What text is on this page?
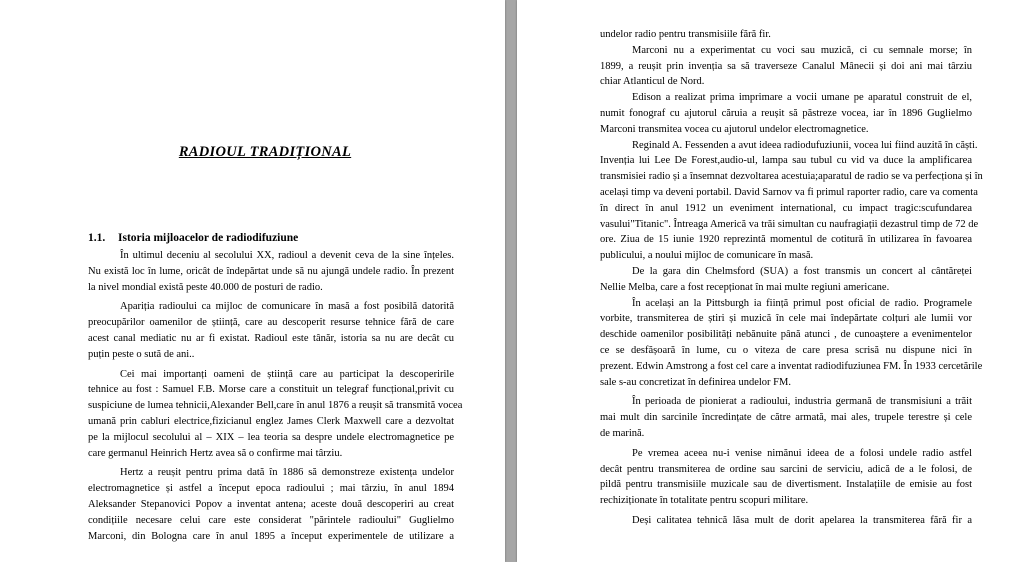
RADIOUL TRADIȚIONAL
1.1. Istoria mijloacelor de radiodifuziune
În ultimul deceniu al secolului XX, radioul a devenit ceva de la sine înțeles.
Nu există loc în lume, oricât de îndepărtat unde să nu ajungă undele radio. În prezent
la nivel mondial există peste 40.000 de posturi de radio.
Apariția radioului ca mijloc de comunicare în masă a fost posibilă datorită
preocupărilor oamenilor de știință, care au descoperit resurse tehnice fără de care
acest canal mediatic nu ar fi existat. Radioul este tânăr, istoria sa nu are decât cu
puțin peste o sută de ani..
Cei mai importanți oameni de știință care au participat la descoperirile
tehnice au fost : Samuel F.B. Morse care a constituit un telegraf funcțional,privit cu
suspiciune de lumea tehnicii,Alexander Bell,care în anul 1876 a reușit să transmită vocea
umană prin cabluri electrice,fizicianul englez James Clerk Maxwell care a dezvoltat
pe la mijlocul secolului al – XIX – lea teoria sa despre undele electromagnetice pe
care germanul Heinrich Hertz avea să o confirme mai târziu.
Hertz a reușit pentru prima dată în 1886 să demonstreze existența undelor
electromagnetice și astfel a început epoca radioului ; mai târziu, în anul 1894
Aleksander Stepanovici Popov a inventat antena; aceste două descoperiri au creat
condițiile necesare celui care este considerat "părintele radioului" Guglielmo
Marconi, din Bologna care în anul 1895 a început experimentele de utilizare a
undelor radio pentru transmisiile fără fir.
Marconi nu a experimentat cu voci sau muzică, ci cu semnale morse; în
1899, a reușit prin invenția sa să traverseze Canalul Mânecii și doi ani mai târziu
chiar Atlanticul de Nord.
Edison a realizat prima imprimare a vocii umane pe aparatul construit de el,
numit fonograf cu ajutorul căruia a reușit să păstreze vocea, iar în 1896 Guglielmo
Marconi transmitea vocea cu ajutorul undelor electromagnetice.
Reginald A. Fessenden a avut ideea radiodufuziunii, vocea lui fiind auzită în căști.
Invenția lui Lee De Forest,audio-ul, lampa sau tubul cu vid va duce la amplificarea
transmisiei radio și a însemnat dezvoltarea acestuia;aparatul de radio se va perfecționa și în
același timp va deveni portabil. David Sarnov va fi primul raporter radio, care va comenta
în direct în anul 1912 un eveniment international, cu impact tragic:scufundarea
vasului"Titanic". Întreaga Americă va trăi simultan cu naufragiații dezastrul timp de 72 de
ore. Ziua de 15 iunie 1920 reprezintă momentul de cotitură în utilizarea în favoarea
publicului, a noului mijloc de comunicare în masă.
De la gara din Chelmsford (SUA) a fost transmis un concert al cântăreței
Nellie Melba, care a fost recepționat în mai multe regiuni americane.
În același an la Pittsburgh ia ființă primul post oficial de radio. Programele
vorbite, transmiterea de știri și muzică în cele mai îndepărtate colțuri ale lumii vor
deschide oamenilor posibilități nebănuite până atunci , de cunoaștere a evenimentelor
ce se desfășoară în lume, cu o viteza de care presa scrisă nu dispune nici în
prezent. Edwin Amstrong a fost cel care a inventat radiodifuziunea FM. În 1933 cercetările
sale s-au concretizat în definirea undelor FM.
În perioada de pionierat a radioului, industria germană de transmisiuni a trăit
mai mult din sarcinile încredințate de către armată, mai ales, trupele terestre și cele
de marină.
Pe vremea aceea nu-i venise nimănui ideea de a folosi undele radio astfel
decât pentru transmiterea de ordine sau sarcini de serviciu, adică de a le folosi, de
pildă pentru transmisiile muzicale sau de divertisment. Instalațiile de emisie au fost
rechiziționate în totalitate pentru scopuri militare.
Deși calitatea tehnică lăsa mult de dorit apelarea la transmiterea fără fir a
